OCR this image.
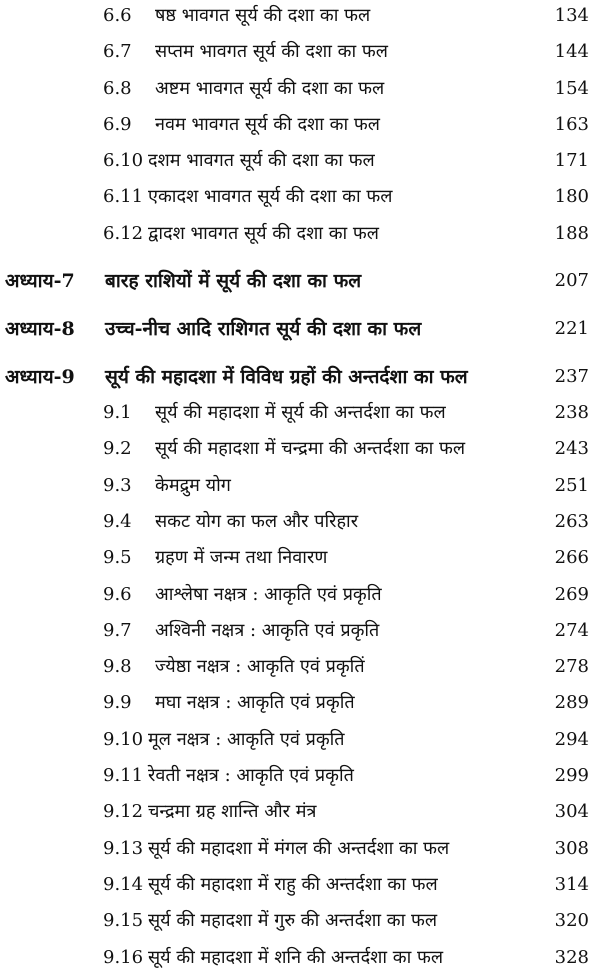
6.6 षष्ठ भावगत सूर्य की दशा का फल	134
6.7 सप्तम भावगत सूर्य की दशा का फल	144
6.8 अष्टम भावगत सूर्य की दशा का फल	154
6.9 नवम भावगत सूर्य की दशा का फल	163
6.10 दशम भावगत सूर्य की दशा का फल	171
6.11 एकादश भावगत सूर्य की दशा का फल	180
6.12 द्वादश भावगत सूर्य की दशा का फल	188
अध्याय-7 बारह राशियों में सूर्य की दशा का फल	207
अध्याय-8 उच्च-नीच आदि राशिगत सूर्य की दशा का फल	221
अध्याय-9 सूर्य की महादशा में विविध ग्रहों की अन्तर्दशा का फल	237
9.1 सूर्य की महादशा में सूर्य की अन्तर्दशा का फल	238
9.2 सूर्य की महादशा में चन्द्रमा की अन्तर्दशा का फल	243
9.3 केमद्रुम योग	251
9.4 सकट योग का फल और परिहार	263
9.5 ग्रहण में जन्म तथा निवारण	266
9.6 आश्लेषा नक्षत्र : आकृति एवं प्रकृति	269
9.7 अश्विनी नक्षत्र : आकृति एवं प्रकृति	274
9.8 ज्येष्ठा नक्षत्र : आकृति एवं प्रकृतिं	278
9.9 मघा नक्षत्र : आकृति एवं प्रकृति	289
9.10 मूल नक्षत्र : आकृति एवं प्रकृति	294
9.11 रेवती नक्षत्र : आकृति एवं प्रकृति	299
9.12 चन्द्रमा ग्रह शान्ति और मंत्र	304
9.13 सूर्य की महादशा में मंगल की अन्तर्दशा का फल	308
9.14 सूर्य की महादशा में राहु की अन्तर्दशा का फल	314
9.15 सूर्य की महादशा में गुरु की अन्तर्दशा का फल	320
9.16 सूर्य की महादशा में शनि की अन्तर्दशा का फल	328
